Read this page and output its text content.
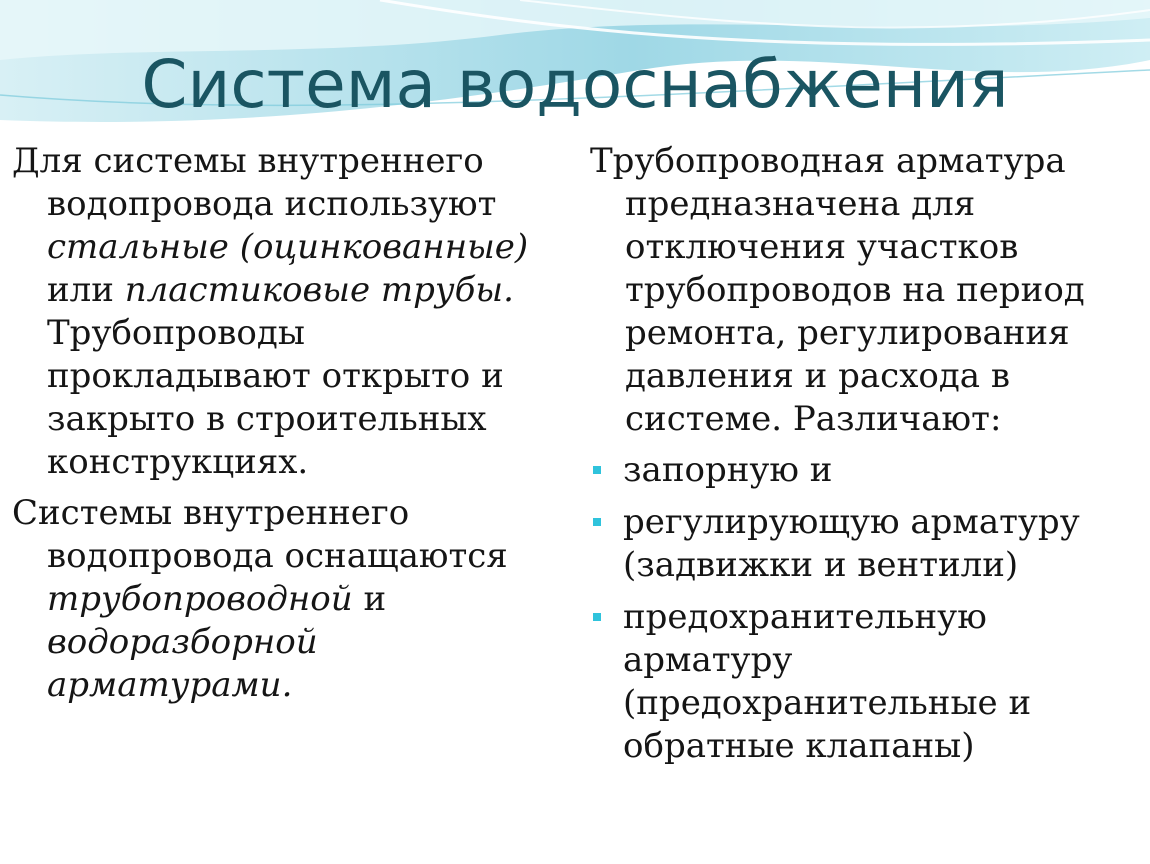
Система водоснабжения

Для системы внутреннего водопровода используют стальные (оцинкованные) или пластиковые трубы. Трубопроводы прокладывают открыто и закрыто в строительных конструкциях.

Системы внутреннего водопровода оснащаются трубопроводной и водоразборной арматурами.

Трубопроводная арматура предназначена для отключения участков трубопроводов на период ремонта, регулирования давления и расхода в системе. Различают:

запорную и
регулирующую арматуру (задвижки и вентили)
предохранительную арматуру (предохранительные и обратные клапаны)
